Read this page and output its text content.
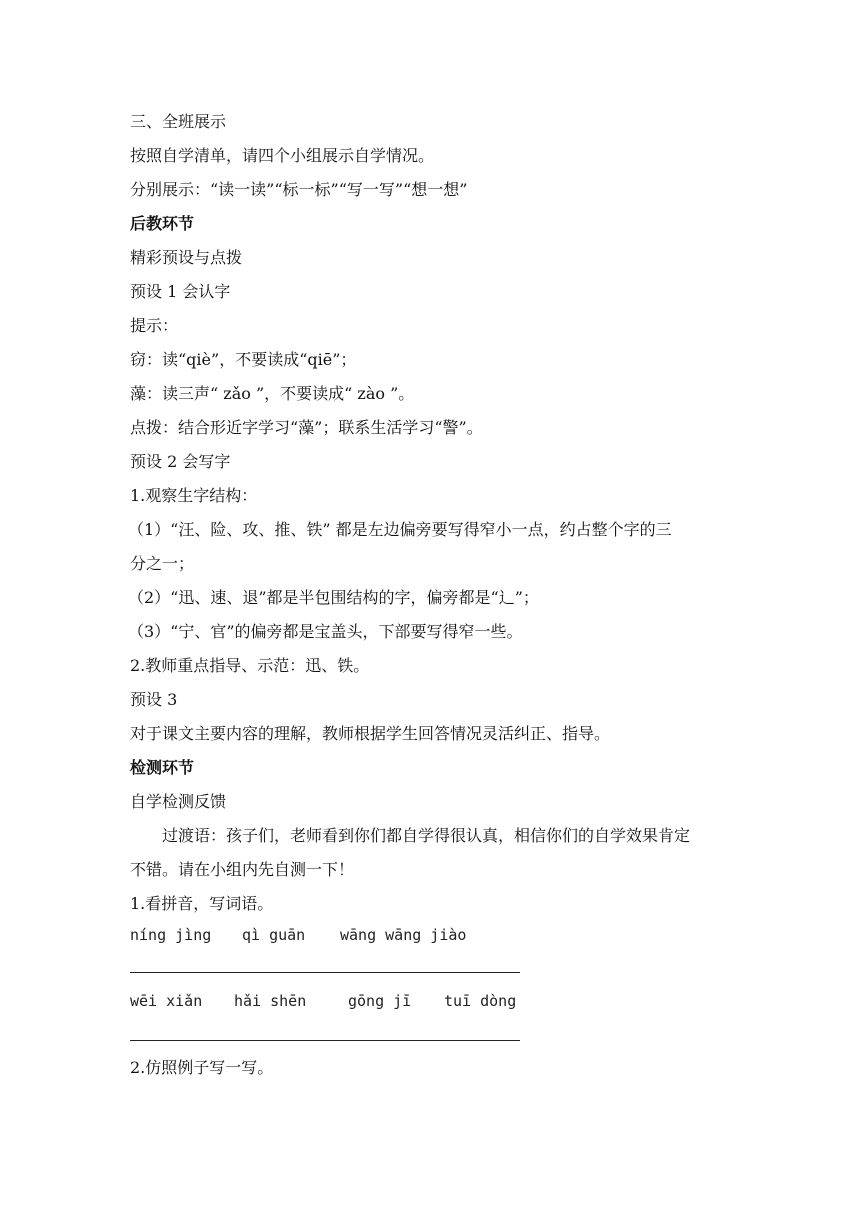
三、全班展示
按照自学清单，请四个小组展示自学情况。
分别展示：“读一读”“标一标”“写一写”“想一想”
后教环节
精彩预设与点拨
预设 1 会认字
提示：
窃：读“qiè”，不要读成“qiē”；
藻：读三声“ zǎo ”，不要读成“ zào ”。
点拨：结合形近字学习“藻”；联系生活学习“警”。
预设 2 会写字
1.观察生字结构：
（1）“汪、险、攻、推、铁” 都是左边偏旁要写得窄小一点，约占整个字的三
分之一；
（2）“迅、速、退”都是半包围结构的字，偏旁都是“辶”；
（3）“宁、官”的偏旁都是宝盖头，下部要写得窄一些。
2.教师重点指导、示范：迅、铁。
预设 3
对于课文主要内容的理解，教师根据学生回答情况灵活纠正、指导。
检测环节
自学检测反馈
过渡语：孩子们，老师看到你们都自学得很认真，相信你们的自学效果肯定
不错。请在小组内先自测一下！
1.看拼音，写词语。
níng jìng qì guān wāng wāng jiào
wēi xiǎn hǎi shēn	gōng jī tuī dòng
2.仿照例子写一写。
